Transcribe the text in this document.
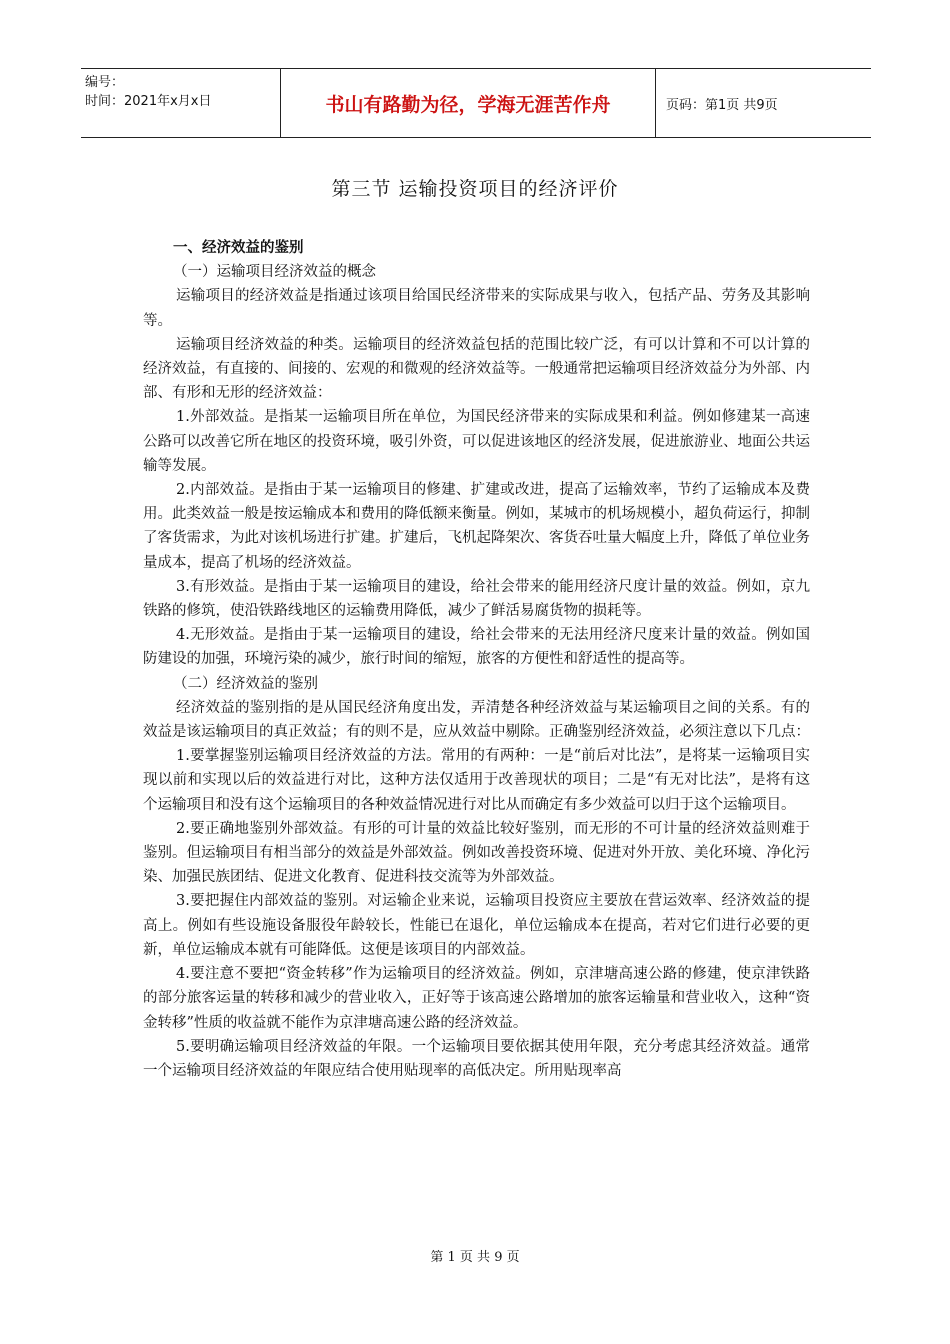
编号：
时间：2021年x月x日	书山有路勤为径，学海无涯苦作舟	页码：第1页 共9页
第三节 运输投资项目的经济评价

一、经济效益的鉴别

（一）运输项目经济效益的概念

运输项目的经济效益是指通过该项目给国民经济带来的实际成果与收入，包括产品、劳务及其影响等。

运输项目经济效益的种类。运输项目的经济效益包括的范围比较广泛，有可以计算和不可以计算的经济效益，有直接的、间接的、宏观的和微观的经济效益等。一般通常把运输项目经济效益分为外部、内部、有形和无形的经济效益：

1.外部效益。是指某一运输项目所在单位，为国民经济带来的实际成果和利益。例如修建某一高速公路可以改善它所在地区的投资环境，吸引外资，可以促进该地区的经济发展，促进旅游业、地面公共运输等发展。

2.内部效益。是指由于某一运输项目的修建、扩建或改进，提高了运输效率，节约了运输成本及费用。此类效益一般是按运输成本和费用的降低额来衡量。例如，某城市的机场规模小，超负荷运行，抑制了客货需求，为此对该机场进行扩建。扩建后，飞机起降架次、客货吞吐量大幅度上升，降低了单位业务量成本，提高了机场的经济效益。

3.有形效益。是指由于某一运输项目的建设，给社会带来的能用经济尺度计量的效益。例如，京九铁路的修筑，使沿铁路线地区的运输费用降低，减少了鲜活易腐货物的损耗等。

4.无形效益。是指由于某一运输项目的建设，给社会带来的无法用经济尺度来计量的效益。例如国防建设的加强，环境污染的减少，旅行时间的缩短，旅客的方便性和舒适性的提高等。

（二）经济效益的鉴别

经济效益的鉴别指的是从国民经济角度出发，弄清楚各种经济效益与某运输项目之间的关系。有的效益是该运输项目的真正效益；有的则不是，应从效益中剔除。正确鉴别经济效益，必须注意以下几点：

1.要掌握鉴别运输项目经济效益的方法。常用的有两种：一是“前后对比法”，是将某一运输项目实现以前和实现以后的效益进行对比，这种方法仅适用于改善现状的项目；二是“有无对比法”，是将有这个运输项目和没有这个运输项目的各种效益情况进行对比从而确定有多少效益可以归于这个运输项目。

2.要正确地鉴别外部效益。有形的可计量的效益比较好鉴别，而无形的不可计量的经济效益则难于鉴别。但运输项目有相当部分的效益是外部效益。例如改善投资环境、促进对外开放、美化环境、净化污染、加强民族团结、促进文化教育、促进科技交流等为外部效益。

3.要把握住内部效益的鉴别。对运输企业来说，运输项目投资应主要放在营运效率、经济效益的提高上。例如有些设施设备服役年龄较长，性能已在退化，单位运输成本在提高，若对它们进行必要的更新，单位运输成本就有可能降低。这便是该项目的内部效益。

4.要注意不要把“资金转移”作为运输项目的经济效益。例如，京津塘高速公路的修建，使京津铁路的部分旅客运量的转移和减少的营业收入，正好等于该高速公路增加的旅客运输量和营业收入，这种“资金转移”性质的收益就不能作为京津塘高速公路的经济效益。

5.要明确运输项目经济效益的年限。一个运输项目要依据其使用年限，充分考虑其经济效益。通常一个运输项目经济效益的年限应结合使用贴现率的高低决定。所用贴现率高

第 1 页 共 9 页
